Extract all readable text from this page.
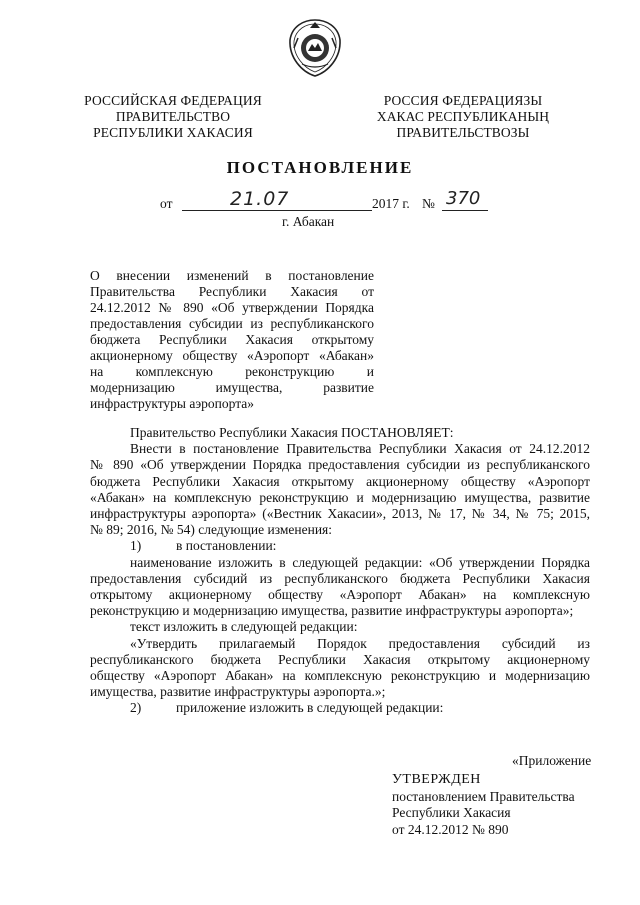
РОССИЙСКАЯ ФЕДЕРАЦИЯ
ПРАВИТЕЛЬСТВО
РЕСПУБЛИКИ ХАКАСИЯ
РОССИЯ ФЕДЕРАЦИЯЗЫ
ХАКАС РЕСПУБЛИКАНЫҢ
ПРАВИТЕЛЬСТВОЗЫ
ПОСТАНОВЛЕНИЕ
от	21.07	2017 г. № 370
г. Абакан
О внесении изменений в постановление
Правительства Республики Хакасия от
24.12.2012 № 890 «Об утверждении Порядка
предоставления субсидии из республиканского
бюджета Республики Хакасия открытому
акционерному обществу «Аэропорт «Абакан»
на комплексную реконструкцию и
модернизацию имущества, развитие
инфраструктуры аэропорта»
Правительство Республики Хакасия ПОСТАНОВЛЯЕТ:
Внести в постановление Правительства Республики Хакасия от 24.12.2012
№ 890 «Об утверждении Порядка предоставления субсидии из республиканского
бюджета Республики Хакасия открытому акционерному обществу «Аэропорт
«Абакан» на комплексную реконструкцию и модернизацию имущества, развитие
инфраструктуры аэропорта» («Вестник Хакасии», 2013, № 17, № 34, № 75; 2015,
№ 89; 2016, № 54) следующие изменения:
1)	в постановлении:
наименование изложить в следующей редакции: «Об утверждении Порядка
предоставления субсидий из республиканского бюджета Республики Хакасия
открытому акционерному обществу «Аэропорт Абакан» на комплексную
реконструкцию и модернизацию имущества, развитие инфраструктуры аэропорта»;
текст изложить в следующей редакции:
«Утвердить прилагаемый Порядок предоставления субсидий из
республиканского бюджета Республики Хакасия открытому акционерному
обществу «Аэропорт Абакан» на комплексную реконструкцию и модернизацию
имущества, развитие инфраструктуры аэропорта.»;
2)	приложение изложить в следующей редакции:
«Приложение
УТВЕРЖДЕН
постановлением Правительства
Республики Хакасия
от 24.12.2012 № 890
